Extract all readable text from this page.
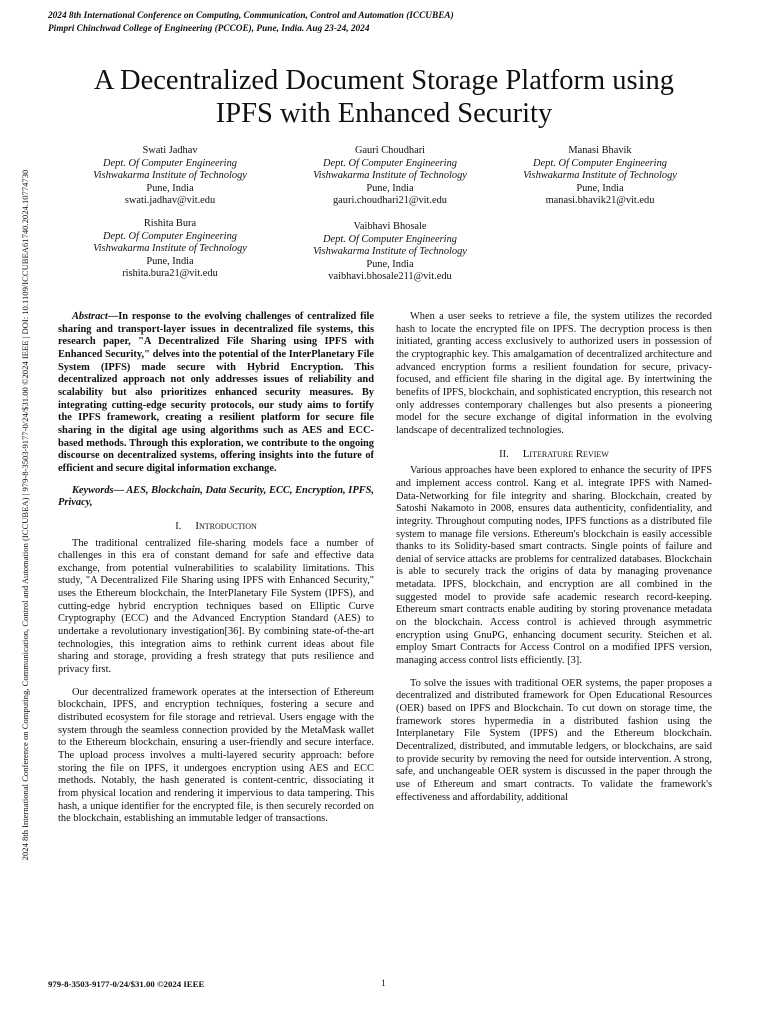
2024 8th International Conference on Computing, Communication, Control and Automation (ICCUBEA)
Pimpri Chinchwad College of Engineering (PCCOE), Pune, India. Aug 23-24, 2024
2024 8th International Conference on Computing, Communication, Control and Automation (ICCUBEA) | 979-8-3503-9177-0/24/$31.00 ©2024 IEEE | DOI: 10.1109/ICCUBEA61740.2024.10774730
A Decentralized Document Storage Platform using
IPFS with Enhanced Security
Swati Jadhav
Dept. Of Computer Engineering
Vishwakarma Institute of Technology
Pune, India
swati.jadhav@vit.edu
Gauri Choudhari
Dept. Of Computer Engineering
Vishwakarma Institute of Technology
Pune, India
gauri.choudhari21@vit.edu
Manasi Bhavik
Dept. Of Computer Engineering
Vishwakarma Institute of Technology
Pune, India
manasi.bhavik21@vit.edu
Rishita Bura
Dept. Of Computer Engineering
Vishwakarma Institute of Technology
Pune, India
rishita.bura21@vit.edu
Vaibhavi Bhosale
Dept. Of Computer Engineering
Vishwakarma Institute of Technology
Pune, India
vaibhavi.bhosale211@vit.edu

Abstract—In response to the evolving challenges of centralized file sharing and transport-layer issues in decentralized file systems, this research paper, "A Decentralized File Sharing using IPFS with Enhanced Security," delves into the potential of the InterPlanetary File System (IPFS) made secure with Hybrid Encryption. This decentralized approach not only addresses issues of reliability and scalability but also prioritizes enhanced security measures. By integrating cutting-edge security protocols, our study aims to fortify the IPFS framework, creating a resilient platform for secure file sharing in the digital age using algorithms such as AES and ECC-based methods. Through this exploration, we contribute to the ongoing discourse on decentralized systems, offering insights into the future of efficient and secure digital information exchange.

Keywords— AES, Blockchain, Data Security, ECC, Encryption, IPFS, Privacy,

I. Introduction

The traditional centralized file-sharing models face a number of challenges in this era of constant demand for safe and effective data exchange, from potential vulnerabilities to scalability limitations. This study, "A Decentralized File Sharing using IPFS with Enhanced Security," uses the Ethereum blockchain, the InterPlanetary File System (IPFS), and cutting-edge hybrid encryption techniques based on Elliptic Curve Cryptography (ECC) and the Advanced Encryption Standard (AES) to undertake a revolutionary investigation[36]. By combining state-of-the-art technologies, this integration aims to rethink current ideas about file sharing and storage, providing a fresh strategy that puts resilience and privacy first.

Our decentralized framework operates at the intersection of Ethereum blockchain, IPFS, and encryption techniques, fostering a secure and distributed ecosystem for file storage and retrieval. Users engage with the system through the seamless connection provided by the MetaMask wallet to the Ethereum blockchain, ensuring a user-friendly and secure interface. The upload process involves a multi-layered security approach: before storing the file on IPFS, it undergoes encryption using AES and ECC methods. Notably, the hash generated is content-centric, dissociating it from physical location and rendering it impervious to data tampering. This hash, a unique identifier for the encrypted file, is then securely recorded on the blockchain, establishing an immutable ledger of transactions.

When a user seeks to retrieve a file, the system utilizes the recorded hash to locate the encrypted file on IPFS. The decryption process is then initiated, granting access exclusively to authorized users in possession of the cryptographic key. This amalgamation of decentralized architecture and advanced encryption forms a resilient foundation for secure, privacy-focused, and efficient file sharing in the digital age. By intertwining the benefits of IPFS, blockchain, and sophisticated encryption, this research not only addresses contemporary challenges but also presents a pioneering model for the secure exchange of digital information in the evolving landscape of decentralized technologies.

II. Literature Review

Various approaches have been explored to enhance the security of IPFS and implement access control. Kang et al. integrate IPFS with Named-Data-Networking for file integrity and sharing. Blockchain, created by Satoshi Nakamoto in 2008, ensures data authenticity, confidentiality, and integrity. Throughout computing nodes, IPFS functions as a distributed file system to manage file versions. Ethereum's blockchain is easily accessible thanks to its Solidity-based smart contracts. Single points of failure and denial of service attacks are problems for centralized databases. Blockchain is able to securely track the origins of data by managing provenance metadata. IPFS, blockchain, and encryption are all combined in the suggested model to provide safe academic research record-keeping. Ethereum smart contracts enable auditing by storing provenance metadata on the blockchain. Access control is achieved through asymmetric encryption using GnuPG, enhancing document security. Steichen et al. employ Smart Contracts for Access Control on a modified IPFS version, managing access control lists efficiently. [3].

To solve the issues with traditional OER systems, the paper proposes a decentralized and distributed framework for Open Educational Resources (OER) based on IPFS and Blockchain. To cut down on storage time, the framework stores hypermedia in a distributed fashion using the Interplanetary File System (IPFS) and the Ethereum blockchain. Decentralized, distributed, and immutable ledgers, or blockchains, are said to provide security by removing the need for outside intervention. A strong, safe, and unchangeable OER system is discussed in the paper through the use of Ethereum and smart contracts. To validate the framework's effectiveness and affordability, additional

979-8-3503-9177-0/24/$31.00 ©2024 IEEE	1
